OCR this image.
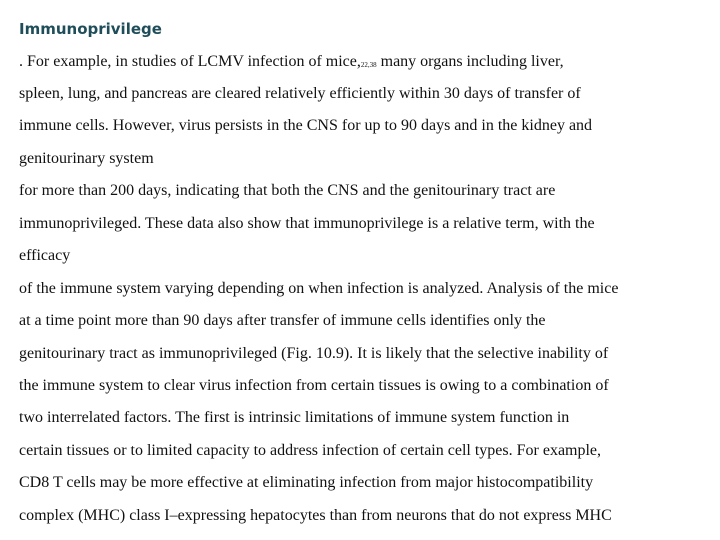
Immunoprivilege
. For example, in studies of LCMV infection of mice,22,38 many organs including liver,
spleen, lung, and pancreas are cleared relatively efficiently within 30 days of transfer of
immune cells. However, virus persists in the CNS for up to 90 days and in the kidney and
genitourinary system
for more than 200 days, indicating that both the CNS and the genitourinary tract are
immunoprivileged. These data also show that immunoprivilege is a relative term, with the
efficacy
of the immune system varying depending on when infection is analyzed. Analysis of the mice
at a time point more than 90 days after transfer of immune cells identifies only the
genitourinary tract as immunoprivileged (Fig. 10.9). It is likely that the selective inability of
the immune system to clear virus infection from certain tissues is owing to a combination of
two interrelated factors. The first is intrinsic limitations of immune system function in
certain tissues or to limited capacity to address infection of certain cell types. For example,
CD8 T cells may be more effective at eliminating infection from major histocompatibility
complex (MHC) class I–expressing hepatocytes than from neurons that do not express MHC
